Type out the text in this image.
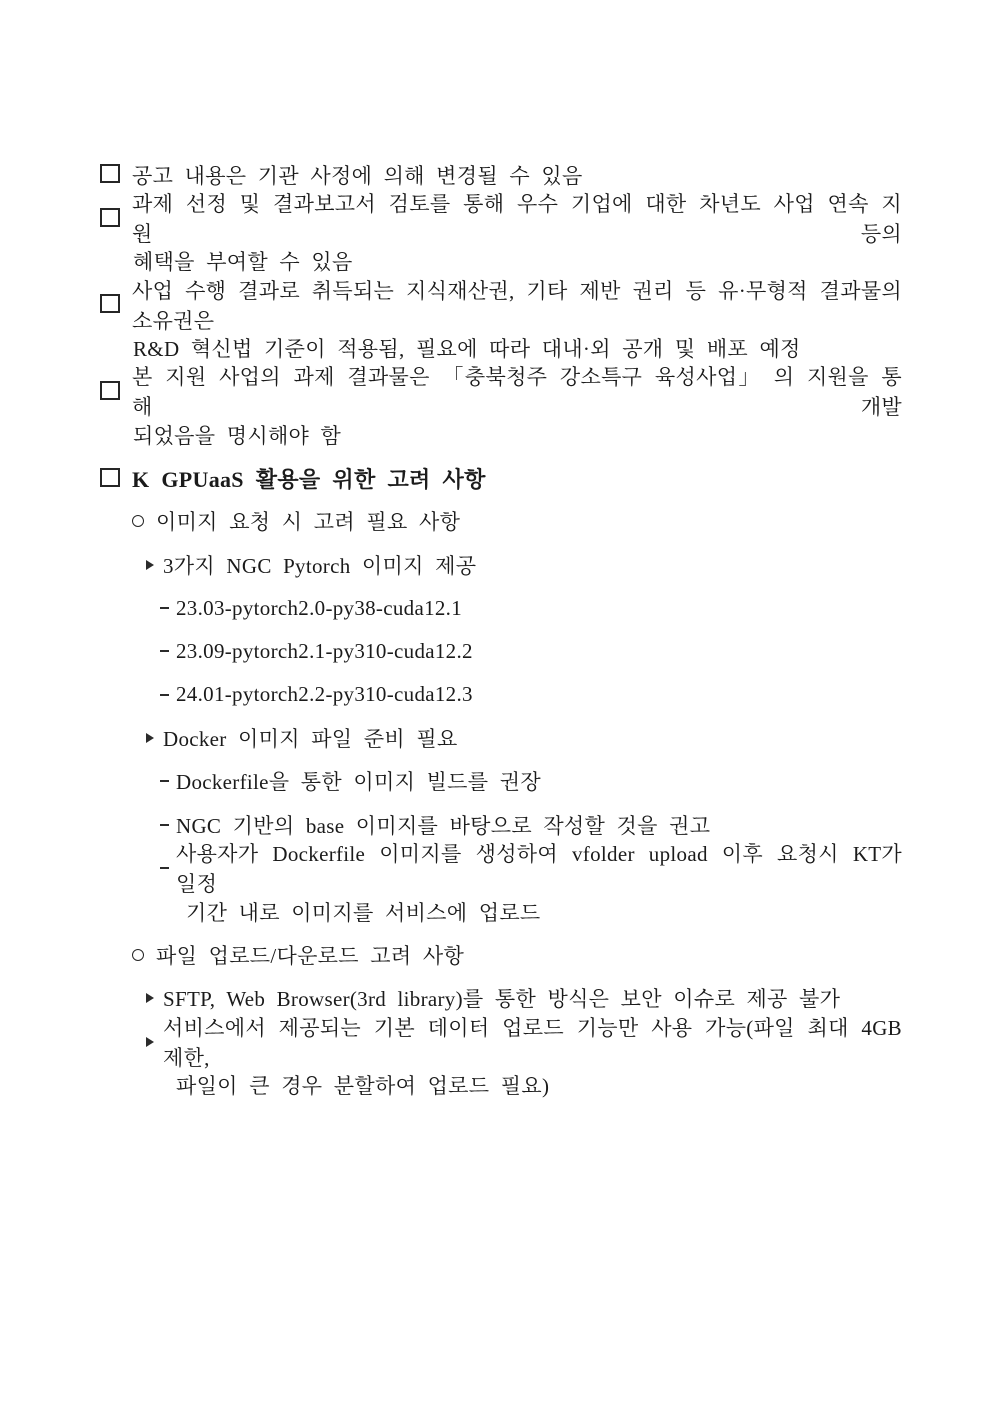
공고 내용은 기관 사정에 의해 변경될 수 있음
과제 선정 및 결과보고서 검토를 통해 우수 기업에 대한 차년도 사업 연속 지원 등의
혜택을 부여할 수 있음
사업 수행 결과로 취득되는 지식재산권, 기타 제반 권리 등 유·무형적 결과물의 소유권은
R&D 혁신법 기준이 적용됨, 필요에 따라 대내·외 공개 및 배포 예정
본 지원 사업의 과제 결과물은 「충북청주 강소특구 육성사업」 의 지원을 통해 개발
되었음을 명시해야 함
K GPUaaS 활용을 위한 고려 사항
이미지 요청 시 고려 필요 사항
3가지 NGC Pytorch 이미지 제공
23.03-pytorch2.0-py38-cuda12.1
23.09-pytorch2.1-py310-cuda12.2
24.01-pytorch2.2-py310-cuda12.3
Docker 이미지 파일 준비 필요
Dockerfile을 통한 이미지 빌드를 권장
NGC 기반의 base 이미지를 바탕으로 작성할 것을 권고
사용자가 Dockerfile 이미지를 생성하여 vfolder upload 이후 요청시 KT가 일정
기간 내로 이미지를 서비스에 업로드
파일 업로드/다운로드 고려 사항
SFTP, Web Browser(3rd library)를 통한 방식은 보안 이슈로 제공 불가
서비스에서 제공되는 기본 데이터 업로드 기능만 사용 가능(파일 최대 4GB제한,
파일이 큰 경우 분할하여 업로드 필요)
